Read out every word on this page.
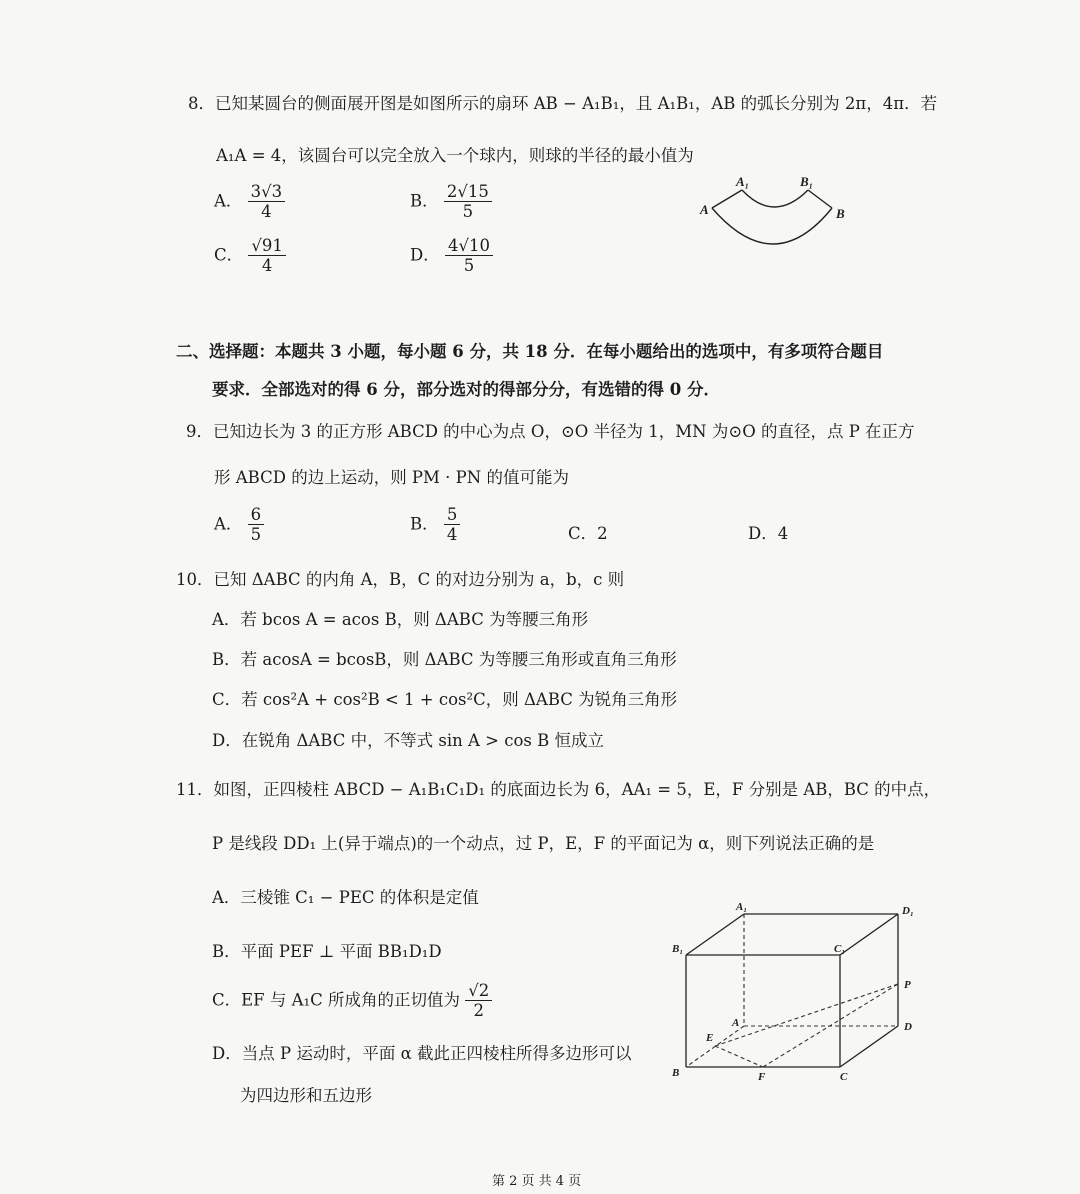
8．已知某圆台的侧面展开图是如图所示的扇环 AB − A₁B₁，且 A₁B₁，AB 的弧长分别为 2π，4π．若
A₁A = 4，该圆台可以完全放入一个球内，则球的半径的最小值为
A． $\frac{3√3}{4}$	B． $\frac{2√15}{5}$
C． $\frac{√91}{4}$	D． $\frac{4√10}{5}$
A
A₁	B₁
B
二、选择题：本题共 3 小题，每小题 6 分，共 18 分．在每小题给出的选项中，有多项符合题目
要求．全部选对的得 6 分，部分选对的得部分分，有选错的得 0 分．
9．已知边长为 3 的正方形 ABCD 的中心为点 O，⊙O 半径为 1，MN 为⊙O 的直径，点 P 在正方
形 ABCD 的边上运动，则 PM · PN 的值可能为
A． $\frac{6}{5}$	B． $\frac{5}{4}$	C．2	D．4
10．已知 ΔABC 的内角 A，B，C 的对边分别为 a，b，c 则
A．若 bcos A = acos B，则 ΔABC 为等腰三角形
B．若 acosA = bcosB，则 ΔABC 为等腰三角形或直角三角形
C．若 cos²A + cos²B < 1 + cos²C，则 ΔABC 为锐角三角形
D．在锐角 ΔABC 中，不等式 sin A > cos B 恒成立
11．如图，正四棱柱 ABCD − A₁B₁C₁D₁ 的底面边长为 6，AA₁ = 5，E，F 分别是 AB，BC 的中点，
P 是线段 DD₁ 上(异于端点)的一个动点，过 P，E，F 的平面记为 α，则下列说法正确的是
A．三棱锥 C₁ − PEC 的体积是定值
B．平面 PEF ⊥ 平面 BB₁D₁D
C．EF 与 A₁C 所成角的正切值为 $\frac{√2}{2}$
D．当点 P 运动时，平面 α 截此正四棱柱所得多边形可以
为四边形和五边形
A₁	D₁
B₁	C₁
P
A	D
E
B	F	C
第 2 页 共 4 页
